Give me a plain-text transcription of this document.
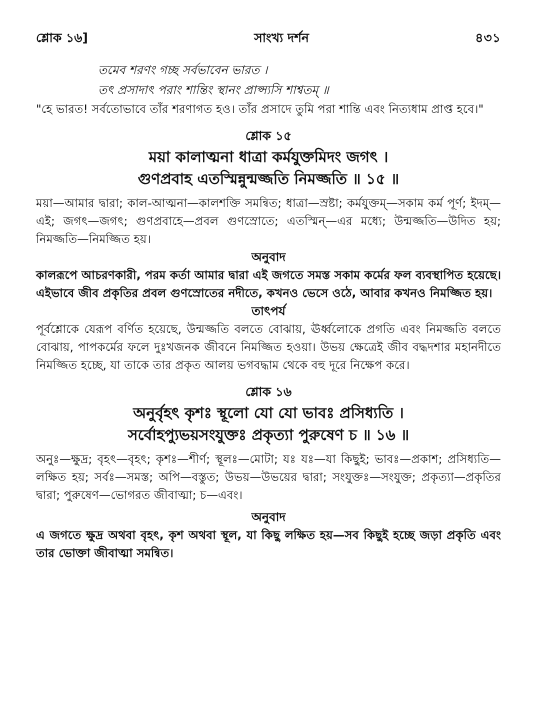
শ্লোক ১৬]	সাংখ্য দর্শন	৪৩১
তমেব শরণং গচ্ছ সর্বভাবেন ভারত ।
তৎ প্রসাদাৎ পরাং শান্তিং স্থানং প্রাপ্স্যসি শাশ্বতম্‌ ॥
"হে ভারত! সর্বতোভাবে তাঁর শরণাগত হও। তাঁর প্রসাদে তুমি পরা শান্তি এবং নিত্যধাম প্রাপ্ত হবে।"
শ্লোক ১৫
ময়া কালাত্মনা ধাত্রা কর্মযুক্তমিদং জগৎ ।
গুণপ্রবাহ এতস্মিন্নুন্মজ্জতি নিমজ্জতি ॥ ১৫ ॥
ময়া—আমার দ্বারা; কাল-আত্মনা—কালশক্তি সমন্বিত; ধাত্রা—স্রষ্টা; কর্মযুক্তম্—সকাম কর্ম পূর্ণ; ইদম্—এই; জগৎ—জগৎ; গুণপ্রবাহে—প্রবল গুণস্রোতে; এতস্মিন্—এর মধ্যে; উন্মজ্জতি—উদিত হয়; নিমজ্জতি—নিমজ্জিত হয়।
অনুবাদ
কালরূপে আচরণকারী, পরম কর্তা আমার দ্বারা এই জগতে সমস্ত সকাম কর্মের ফল ব্যবস্থাপিত হয়েছে। এইভাবে জীব প্রকৃতির প্রবল গুণস্রোতের নদীতে, কখনও ভেসে ওঠে, আবার কখনও নিমজ্জিত হয়।
তাৎপর্য
পূর্বশ্লোকে যেরূপ বর্ণিত হয়েছে, উন্মজ্জতি বলতে বোঝায়, ঊর্ধ্বলোকে প্রগতি এবং নিমজ্জতি বলতে বোঝায়, পাপকর্মের ফলে দুঃখজনক জীবনে নিমজ্জিত হওয়া। উভয় ক্ষেত্রেই জীব বদ্ধদশার মহানদীতে নিমজ্জিত হচ্ছে, যা তাকে তার প্রকৃত আলয় ভগবদ্ধাম থেকে বহু দূরে নিক্ষেপ করে।
শ্লোক ১৬
অনুর্বৃহৎ কৃশঃ স্থূলো যো যো ভাবঃ প্রসিধ্যতি ।
সর্বোহপ্যুভয়সংযুক্তঃ প্রকৃত্যা পুরুষেণ চ ॥ ১৬ ॥
অনুঃ—ক্ষুদ্র; বৃহৎ—বৃহৎ; কৃশঃ—শীর্ণ; স্থূলঃ—মোটা; যঃ যঃ—যা কিছুই; ভাবঃ—প্রকাশ; প্রসিধ্যতি—লক্ষিত হয়; সর্বঃ—সমস্ত; অপি—বস্তুত; উভয়—উভয়ের দ্বারা; সংযুক্তঃ—সংযুক্ত; প্রকৃত্যা—প্রকৃতির দ্বারা; পুরুষেণ—ভোগরত জীবাত্মা; চ—এবং।
অনুবাদ
এ জগতে ক্ষুদ্র অথবা বৃহৎ, কৃশ অথবা স্থূল, যা কিছু লক্ষিত হয়—সব কিছুই হচ্ছে জড়া প্রকৃতি এবং তার ভোক্তা জীবাত্মা সমন্বিত।
